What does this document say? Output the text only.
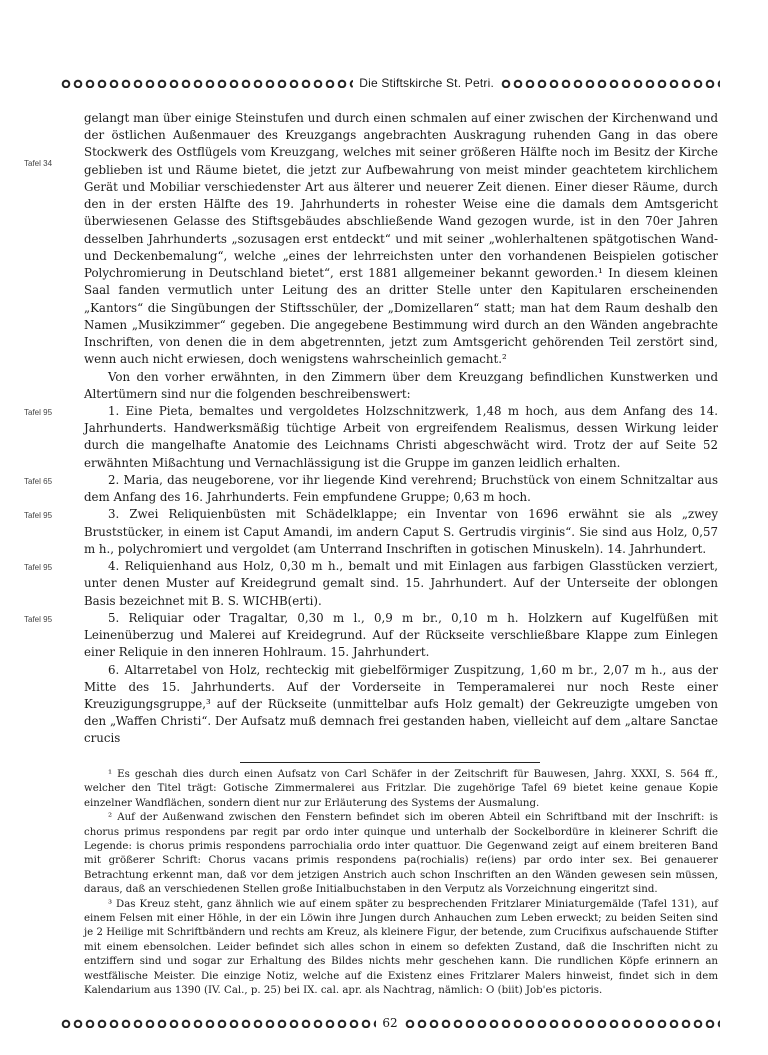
Die Stiftskirche St. Petri.

Tafel 34
gelangt man über einige Steinstufen und durch einen schmalen auf einer zwischen der Kirchenwand und der östlichen Außenmauer des Kreuzgangs angebrachten Auskragung ruhenden Gang in das obere Stockwerk des Ostflügels vom Kreuzgang, welches mit seiner größeren Hälfte noch im Besitz der Kirche geblieben ist und Räume bietet, die jetzt zur Aufbewahrung von meist minder geachtetem kirchlichem Gerät und Mobiliar verschiedenster Art aus älterer und neuerer Zeit dienen. Einer dieser Räume, durch den in der ersten Hälfte des 19. Jahrhunderts in rohester Weise eine die damals dem Amtsgericht überwiesenen Gelasse des Stiftsgebäudes abschließende Wand gezogen wurde, ist in den 70er Jahren desselben Jahrhunderts „sozusagen erst entdeckt“ und mit seiner „wohlerhaltenen spätgotischen Wand- und Deckenbemalung“, welche „eines der lehrreichsten unter den vorhandenen Beispielen gotischer Polychromierung in Deutschland bietet“, erst 1881 allgemeiner bekannt geworden.¹ In diesem kleinen Saal fanden vermutlich unter Leitung des an dritter Stelle unter den Kapitularen erscheinenden „Kantors“ die Singübungen der Stiftsschüler, der „Domizellaren“ statt; man hat dem Raum deshalb den Namen „Musikzimmer“ gegeben. Die angegebene Bestimmung wird durch an den Wänden angebrachte Inschriften, von denen die in dem abgetrennten, jetzt zum Amtsgericht gehörenden Teil zerstört sind, wenn auch nicht erwiesen, doch wenigstens wahrscheinlich gemacht.²

Von den vorher erwähnten, in den Zimmern über dem Kreuzgang befindlichen Kunstwerken und Altertümern sind nur die folgenden beschreibenswert:

Tafel 95	1. Eine Pieta, bemaltes und vergoldetes Holzschnitzwerk, 1,48 m hoch, aus dem Anfang des 14. Jahrhunderts. Handwerksmäßig tüchtige Arbeit von ergreifendem Realismus, dessen Wirkung leider durch die mangelhafte Anatomie des Leichnams Christi abgeschwächt wird. Trotz der auf Seite 52 erwähnten Mißachtung und Vernachlässigung ist die Gruppe im ganzen leidlich erhalten.

Tafel 65	2. Maria, das neugeborene, vor ihr liegende Kind verehrend; Bruchstück von einem Schnitzaltar aus dem Anfang des 16. Jahrhunderts. Fein empfundene Gruppe; 0,63 m hoch.

Tafel 95	3. Zwei Reliquienbüsten mit Schädelklappe; ein Inventar von 1696 erwähnt sie als „zwey Bruststücker, in einem ist Caput Amandi, im andern Caput S. Gertrudis virginis“. Sie sind aus Holz, 0,57 m h., polychromiert und vergoldet (am Unterrand Inschriften in gotischen Minuskeln). 14. Jahrhundert.

Tafel 95	4. Reliquienhand aus Holz, 0,30 m h., bemalt und mit Einlagen aus farbigen Glasstücken verziert, unter denen Muster auf Kreidegrund gemalt sind. 15. Jahrhundert. Auf der Unterseite der oblongen Basis bezeichnet mit B. S. WICHB(erti).

Tafel 95	5. Reliquiar oder Tragaltar, 0,30 m l., 0,9 m br., 0,10 m h. Holzkern auf Kugelfüßen mit Leinenüberzug und Malerei auf Kreidegrund. Auf der Rückseite verschließbare Klappe zum Einlegen einer Reliquie in den inneren Hohlraum. 15. Jahrhundert.

6. Altarretabel von Holz, rechteckig mit giebelförmiger Zuspitzung, 1,60 m br., 2,07 m h., aus der Mitte des 15. Jahrhunderts. Auf der Vorderseite in Temperamalerei nur noch Reste einer Kreuzigungsgruppe,³ auf der Rückseite (unmittelbar aufs Holz gemalt) der Gekreuzigte umgeben von den „Waffen Christi“. Der Aufsatz muß demnach frei gestanden haben, vielleicht auf dem „altare Sanctae crucis

¹ Es geschah dies durch einen Aufsatz von Carl Schäfer in der Zeitschrift für Bauwesen, Jahrg. XXXI, S. 564 ff., welcher den Titel trägt: Gotische Zimmermalerei aus Fritzlar. Die zugehörige Tafel 69 bietet keine genaue Kopie einzelner Wandflächen, sondern dient nur zur Erläuterung des Systems der Ausmalung.

² Auf der Außenwand zwischen den Fenstern befindet sich im oberen Abteil ein Schriftband mit der Inschrift: is chorus primus respondens par regit par ordo inter quinque und unterhalb der Sockelbordüre in kleinerer Schrift die Legende: is chorus primis respondens parrochialia ordo inter quattuor. Die Gegenwand zeigt auf einem breiteren Band mit größerer Schrift: Chorus vacans primis respondens pa(rochialis) re(iens) par ordo inter sex. Bei genauerer Betrachtung erkennt man, daß vor dem jetzigen Anstrich auch schon Inschriften an den Wänden gewesen sein müssen, daraus, daß an verschiedenen Stellen große Initialbuchstaben in den Verputz als Vorzeichnung eingeritzt sind.

³ Das Kreuz steht, ganz ähnlich wie auf einem später zu besprechenden Fritzlarer Miniaturgemälde (Tafel 131), auf einem Felsen mit einer Höhle, in der ein Löwin ihre Jungen durch Anhauchen zum Leben erweckt; zu beiden Seiten sind je 2 Heilige mit Schriftbändern und rechts am Kreuz, als kleinere Figur, der betende, zum Crucifixus aufschauende Stifter mit einem ebensolchen. Leider befindet sich alles schon in einem so defekten Zustand, daß die Inschriften nicht zu entziffern sind und sogar zur Erhaltung des Bildes nichts mehr geschehen kann. Die rundlichen Köpfe erinnern an westfälische Meister. Die einzige Notiz, welche auf die Existenz eines Fritzlarer Malers hinweist, findet sich in dem Kalendarium aus 1390 (IV. Cal., p. 25) bei IX. cal. apr. als Nachtrag, nämlich: O (biit) Job'es pictoris.

62
